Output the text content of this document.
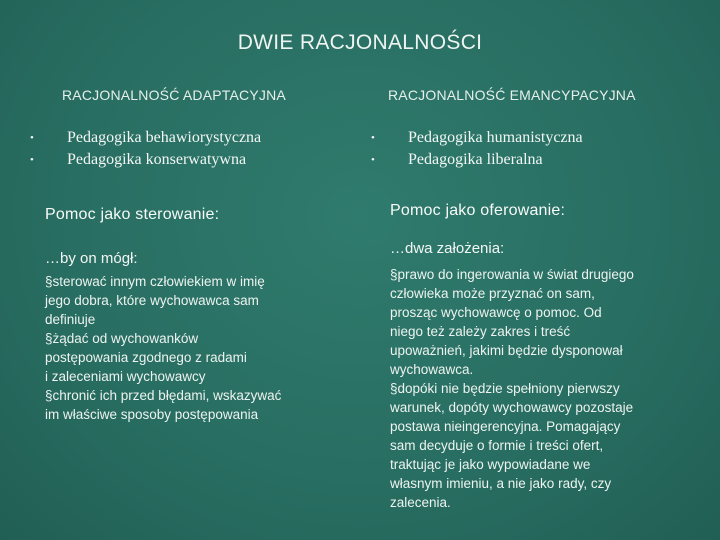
DWIE RACJONALNOŚCI
RACJONALNOŚĆ ADAPTACYJNA	RACJONALNOŚĆ EMANCYPACYJNA
•	Pedagogika behawiorystyczna
•	Pedagogika konserwatywna
•	Pedagogika humanistyczna
•	Pedagogika liberalna
Pomoc jako sterowanie:	Pomoc jako oferowanie:
…by on mógł:
…dwa założenia:
§sterować innym człowiekiem w imię
jego dobra, które wychowawca sam
definiuje
§żądać od wychowanków
postępowania zgodnego z radami
i zaleceniami wychowawcy
§chronić ich przed błędami, wskazywać
im właściwe sposoby postępowania
§prawo do ingerowania w świat drugiego
człowieka może przyznać on sam,
prosząc wychowawcę o pomoc. Od
niego też zależy zakres i treść
upoważnień, jakimi będzie dysponował
wychowawca.
§dopóki nie będzie spełniony pierwszy
warunek, dopóty wychowawcy pozostaje
postawa nieingerencyjna. Pomagający
sam decyduje o formie i treści ofert,
traktując je jako wypowiadane we
własnym imieniu, a nie jako rady, czy
zalecenia.
